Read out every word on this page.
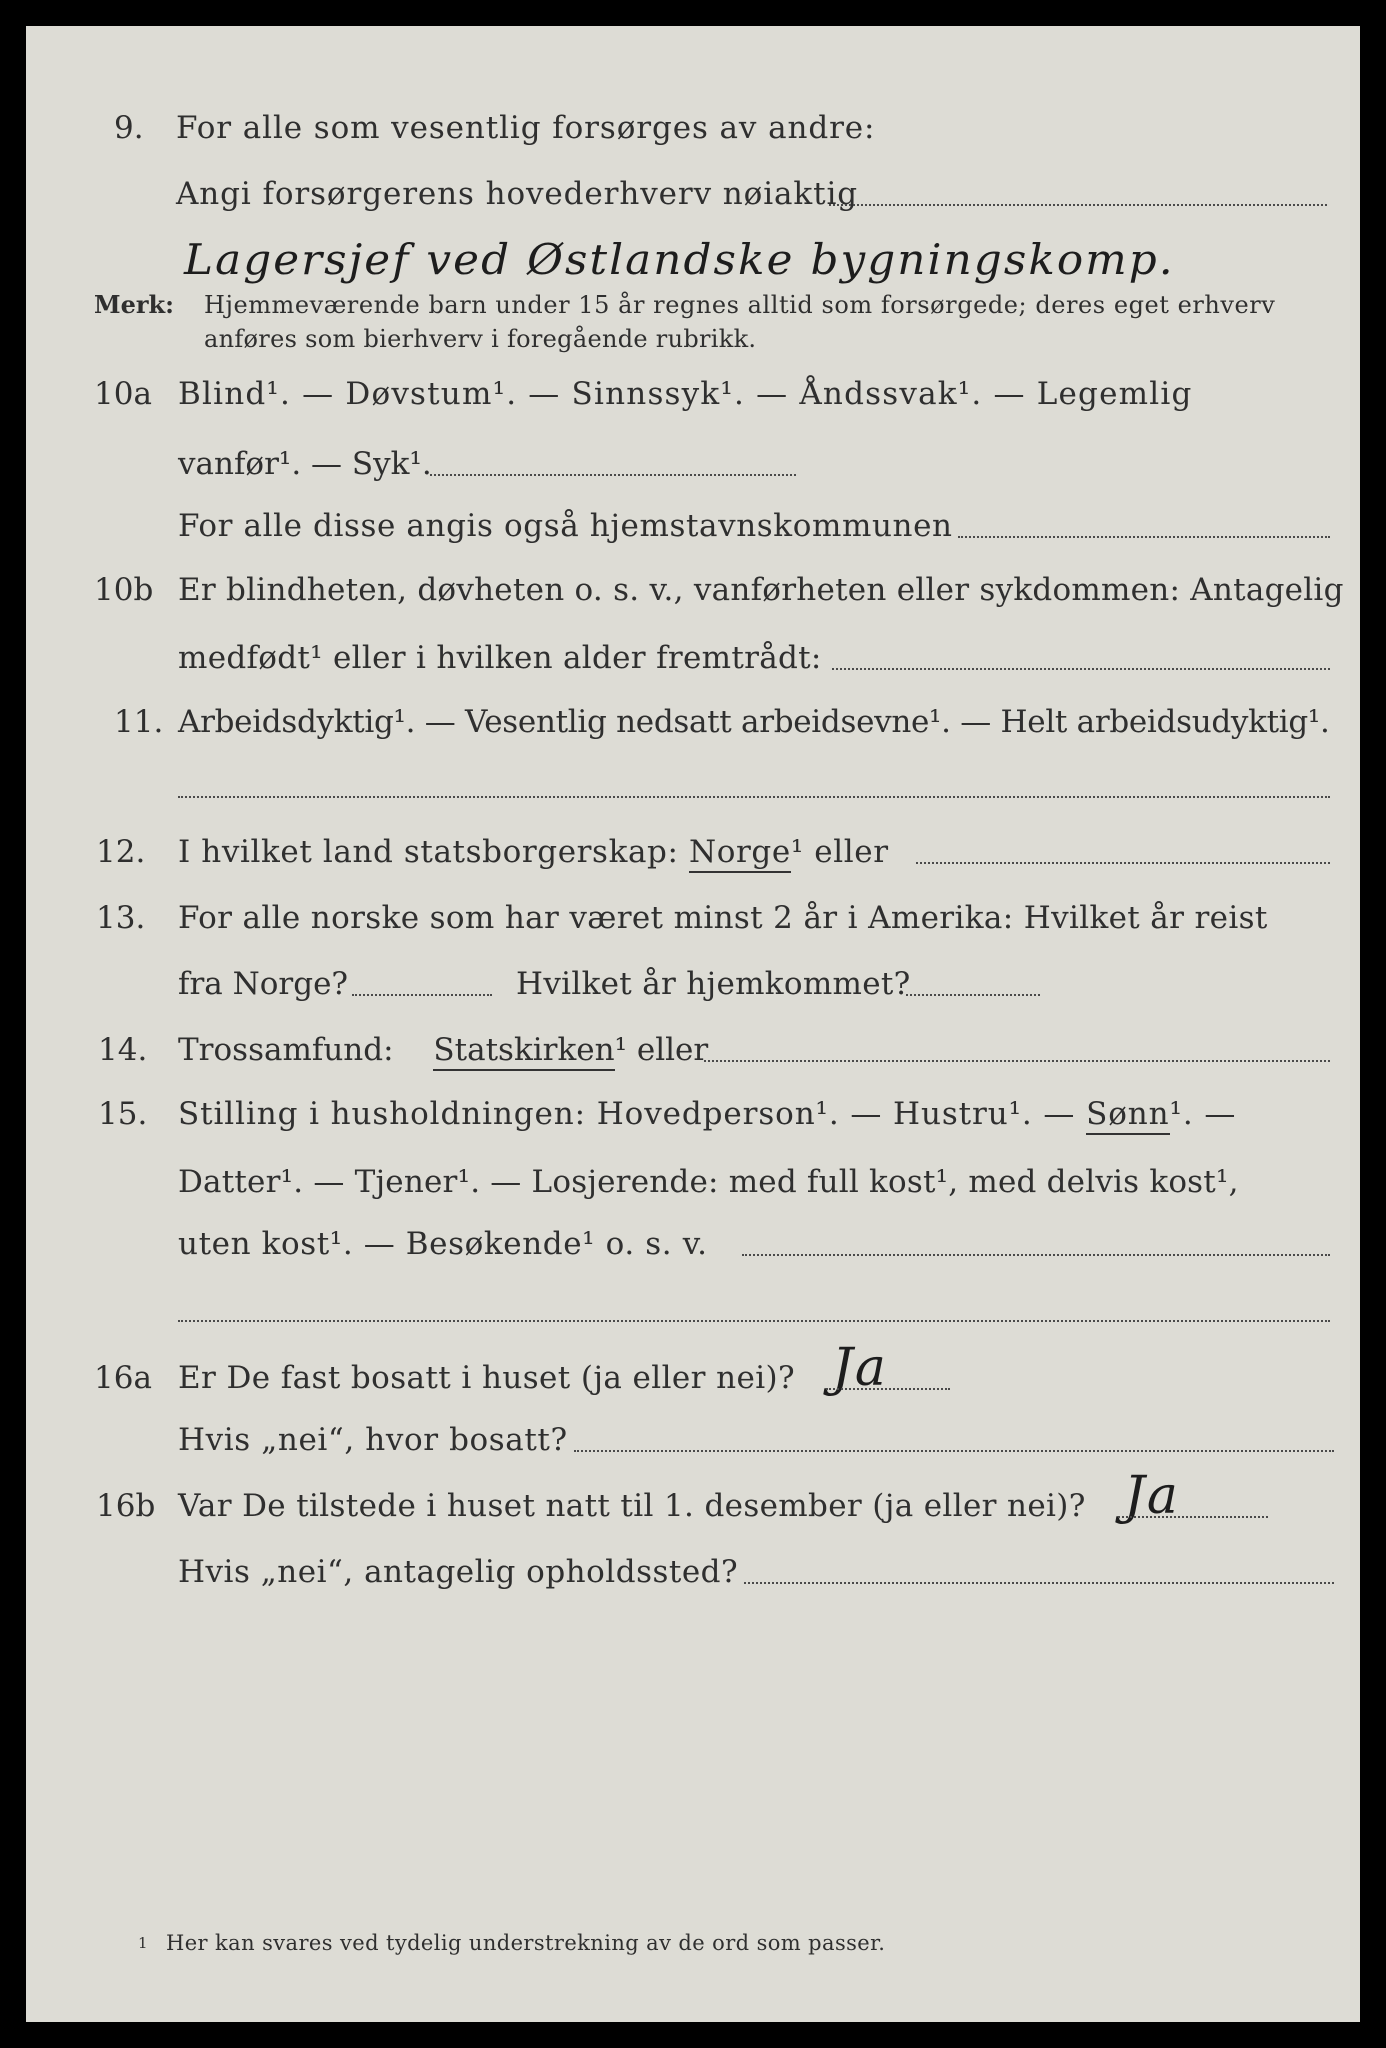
9. For alle som vesentlig forsørges av andre:
Angi forsørgerens hovederhverv nøiaktig
Lagersjef ved Østlandske bygningskomp.
Merk: Hjemmeværende barn under 15 år regnes alltid som forsørgede; deres eget erhverv
anføres som bierhverv i foregående rubrikk.
10a Blind¹. — Døvstum¹. — Sinnssyk¹. — Åndssvak¹. — Legemlig
vanfør¹. — Syk¹.
For alle disse angis også hjemstavnskommunen
10b Er blindheten, døvheten o. s. v., vanførheten eller sykdommen: Antagelig
medfødt¹ eller i hvilken alder fremtrådt:
11. Arbeidsdyktig¹. — Vesentlig nedsatt arbeidsevne¹. — Helt arbeidsudyktig¹.
12. I hvilket land statsborgerskap: Norge¹ eller
13. For alle norske som har været minst 2 år i Amerika: Hvilket år reist
fra Norge?	Hvilket år hjemkommet?
14. Trossamfund: Statskirken¹ eller
15. Stilling i husholdningen: Hovedperson¹. — Hustru¹. — Sønn¹. —
Datter¹. — Tjener¹. — Losjerende: med full kost¹, med delvis kost¹,
uten kost¹. — Besøkende¹ o. s. v.
16a Er De fast bosatt i huset (ja eller nei)? Ja
Hvis „nei“, hvor bosatt?
16b Var De tilstede i huset natt til 1. desember (ja eller nei)? Ja
Hvis „nei“, antagelig opholdssted?
1 Her kan svares ved tydelig understrekning av de ord som passer.
